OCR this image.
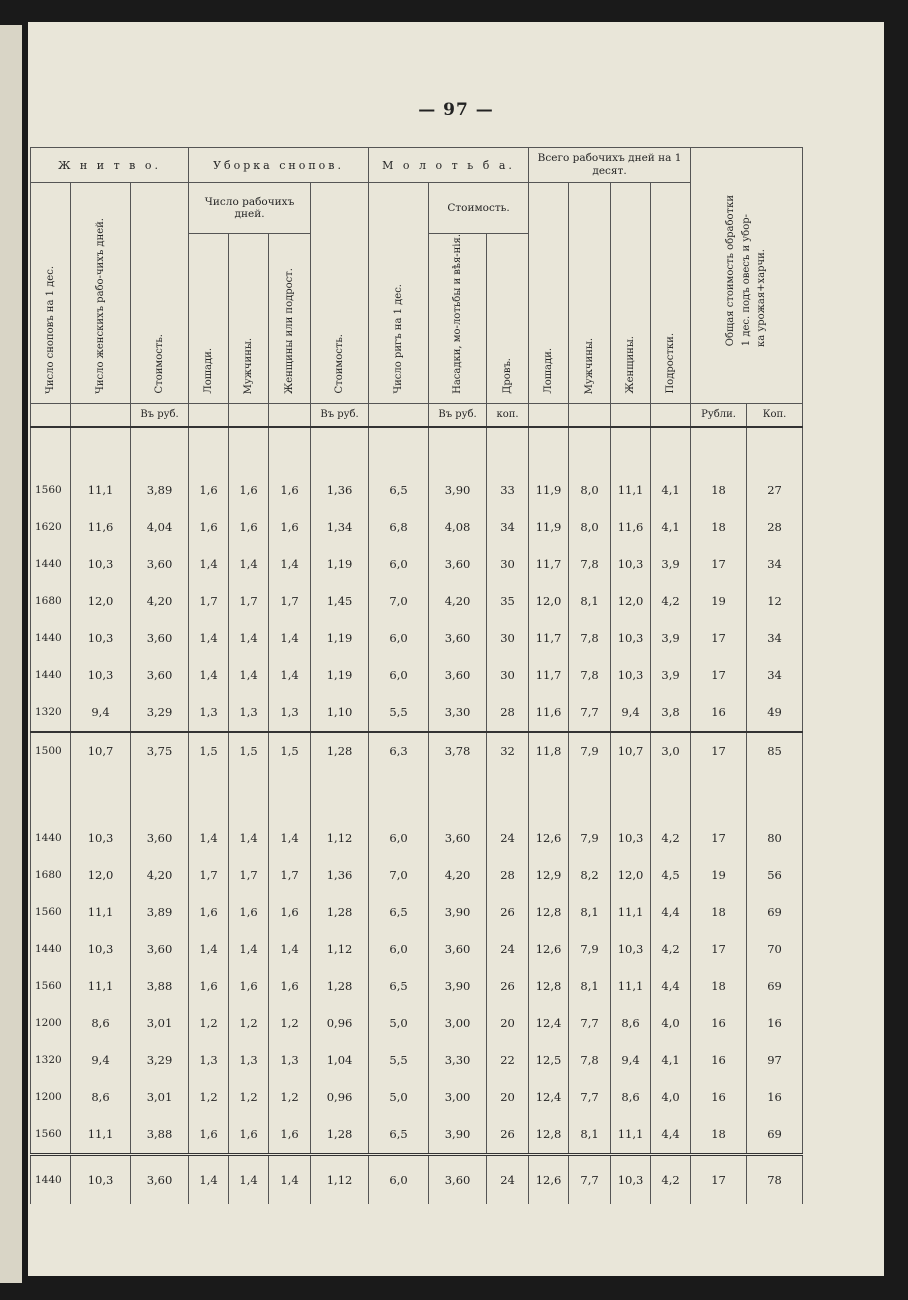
— 97 —
Ж н и т в о.			Уборка снопов.				М о л о т ь б а.			Всего рабочихъ дней на 1 десят.				Общая стоимость обработки 1 дес. подъ овесъ и убор- ка урожая+харчи.	
Число сноповъ на 1 дес.	Число женскихъ рабо-чихъ дней.	Стоимость.	Число рабочихъ дней.			Стоимость.	Число ригъ на 1 дес.	Стоимость.		Лошади.	Мужчины.	Женщины.	Подростки.		
			Лошади.	Мужчины.	Женщины или подрост.			Насадки, мо-лотьбы и вѣя-нія.	Дровъ.						
		Въ руб.				Въ руб.		Въ руб.	коп.					Рубли.	Коп.

1560	11,1	3,89	1,6	1,6	1,6	1,36	6,5	3,90	33	11,9	8,0	11,1	4,1	18	27
1620	11,6	4,04	1,6	1,6	1,6	1,34	6,8	4,08	34	11,9	8,0	11,6	4,1	18	28
1440	10,3	3,60	1,4	1,4	1,4	1,19	6,0	3,60	30	11,7	7,8	10,3	3,9	17	34
1680	12,0	4,20	1,7	1,7	1,7	1,45	7,0	4,20	35	12,0	8,1	12,0	4,2	19	12
1440	10,3	3,60	1,4	1,4	1,4	1,19	6,0	3,60	30	11,7	7,8	10,3	3,9	17	34
1440	10,3	3,60	1,4	1,4	1,4	1,19	6,0	3,60	30	11,7	7,8	10,3	3,9	17	34
1320	9,4	3,29	1,3	1,3	1,3	1,10	5,5	3,30	28	11,6	7,7	9,4	3,8	16	49
1500	10,7	3,75	1,5	1,5	1,5	1,28	6,3	3,78	32	11,8	7,9	10,7	3,0	17	85

1440	10,3	3,60	1,4	1,4	1,4	1,12	6,0	3,60	24	12,6	7,9	10,3	4,2	17	80
1680	12,0	4,20	1,7	1,7	1,7	1,36	7,0	4,20	28	12,9	8,2	12,0	4,5	19	56
1560	11,1	3,89	1,6	1,6	1,6	1,28	6,5	3,90	26	12,8	8,1	11,1	4,4	18	69
1440	10,3	3,60	1,4	1,4	1,4	1,12	6,0	3,60	24	12,6	7,9	10,3	4,2	17	70
1560	11,1	3,88	1,6	1,6	1,6	1,28	6,5	3,90	26	12,8	8,1	11,1	4,4	18	69
1200	8,6	3,01	1,2	1,2	1,2	0,96	5,0	3,00	20	12,4	7,7	8,6	4,0	16	16
1320	9,4	3,29	1,3	1,3	1,3	1,04	5,5	3,30	22	12,5	7,8	9,4	4,1	16	97
1200	8,6	3,01	1,2	1,2	1,2	0,96	5,0	3,00	20	12,4	7,7	8,6	4,0	16	16
1560	11,1	3,88	1,6	1,6	1,6	1,28	6,5	3,90	26	12,8	8,1	11,1	4,4	18	69
1440	10,3	3,60	1,4	1,4	1,4	1,12	6,0	3,60	24	12,6	7,7	10,3	4,2	17	78
